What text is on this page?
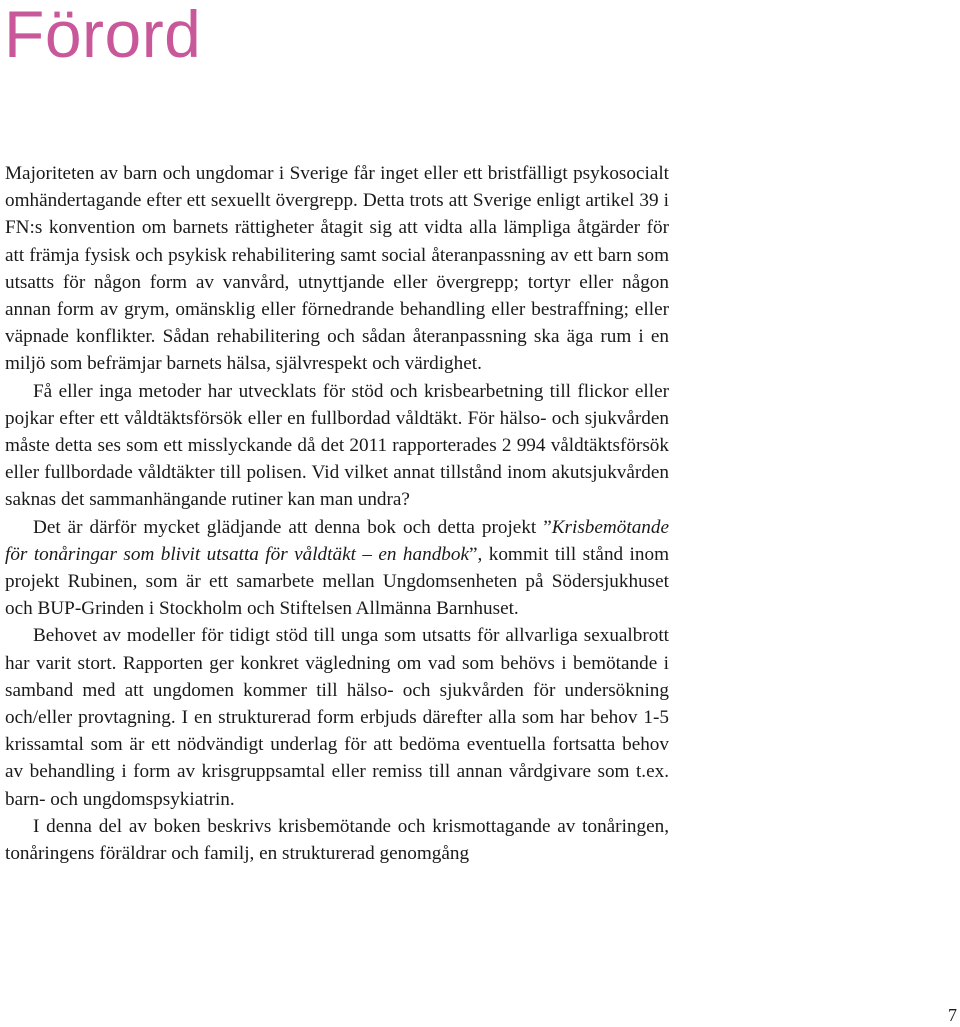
Förord

Majoriteten av barn och ungdomar i Sverige får inget eller ett bristfälligt psykosocialt omhändertagande efter ett sexuellt övergrepp. Detta trots att Sverige enligt artikel 39 i FN:s konvention om barnets rättigheter åtagit sig att vidta alla lämpliga åtgärder för att främja fysisk och psykisk rehabilitering samt social återanpassning av ett barn som utsatts för någon form av vanvård, utnyttjande eller övergrepp; tortyr eller någon annan form av grym, omänsklig eller förnedrande behandling eller bestraffning; eller väpnade konflikter. Sådan rehabilitering och sådan återanpassning ska äga rum i en miljö som befrämjar barnets hälsa, självrespekt och värdighet.

Få eller inga metoder har utvecklats för stöd och krisbearbetning till flickor eller pojkar efter ett våldtäktsförsök eller en fullbordad våldtäkt. För hälso- och sjukvården måste detta ses som ett misslyckande då det 2011 rapporterades 2 994 våldtäktsförsök eller fullbordade våldtäkter till polisen. Vid vilket annat tillstånd inom akutsjukvården saknas det sammanhängande rutiner kan man undra?

Det är därför mycket glädjande att denna bok och detta projekt ”Krisbemötande för tonåringar som blivit utsatta för våldtäkt – en handbok”, kommit till stånd inom projekt Rubinen, som är ett samarbete mellan Ungdomsenheten på Södersjukhuset och BUP-Grinden i Stockholm och Stiftelsen Allmänna Barnhuset.

Behovet av modeller för tidigt stöd till unga som utsatts för allvarliga sexualbrott har varit stort. Rapporten ger konkret vägledning om vad som behövs i bemötande i samband med att ungdomen kommer till hälso- och sjukvården för undersökning och/eller provtagning. I en strukturerad form erbjuds därefter alla som har behov 1-5 krissamtal som är ett nödvändigt underlag för att bedöma eventuella fortsatta behov av behandling i form av krisgruppsamtal eller remiss till annan vårdgivare som t.ex. barn- och ungdomspsykiatrin.

I denna del av boken beskrivs krisbemötande och krismottagande av tonåringen, tonåringens föräldrar och familj, en strukturerad genomgång

7
